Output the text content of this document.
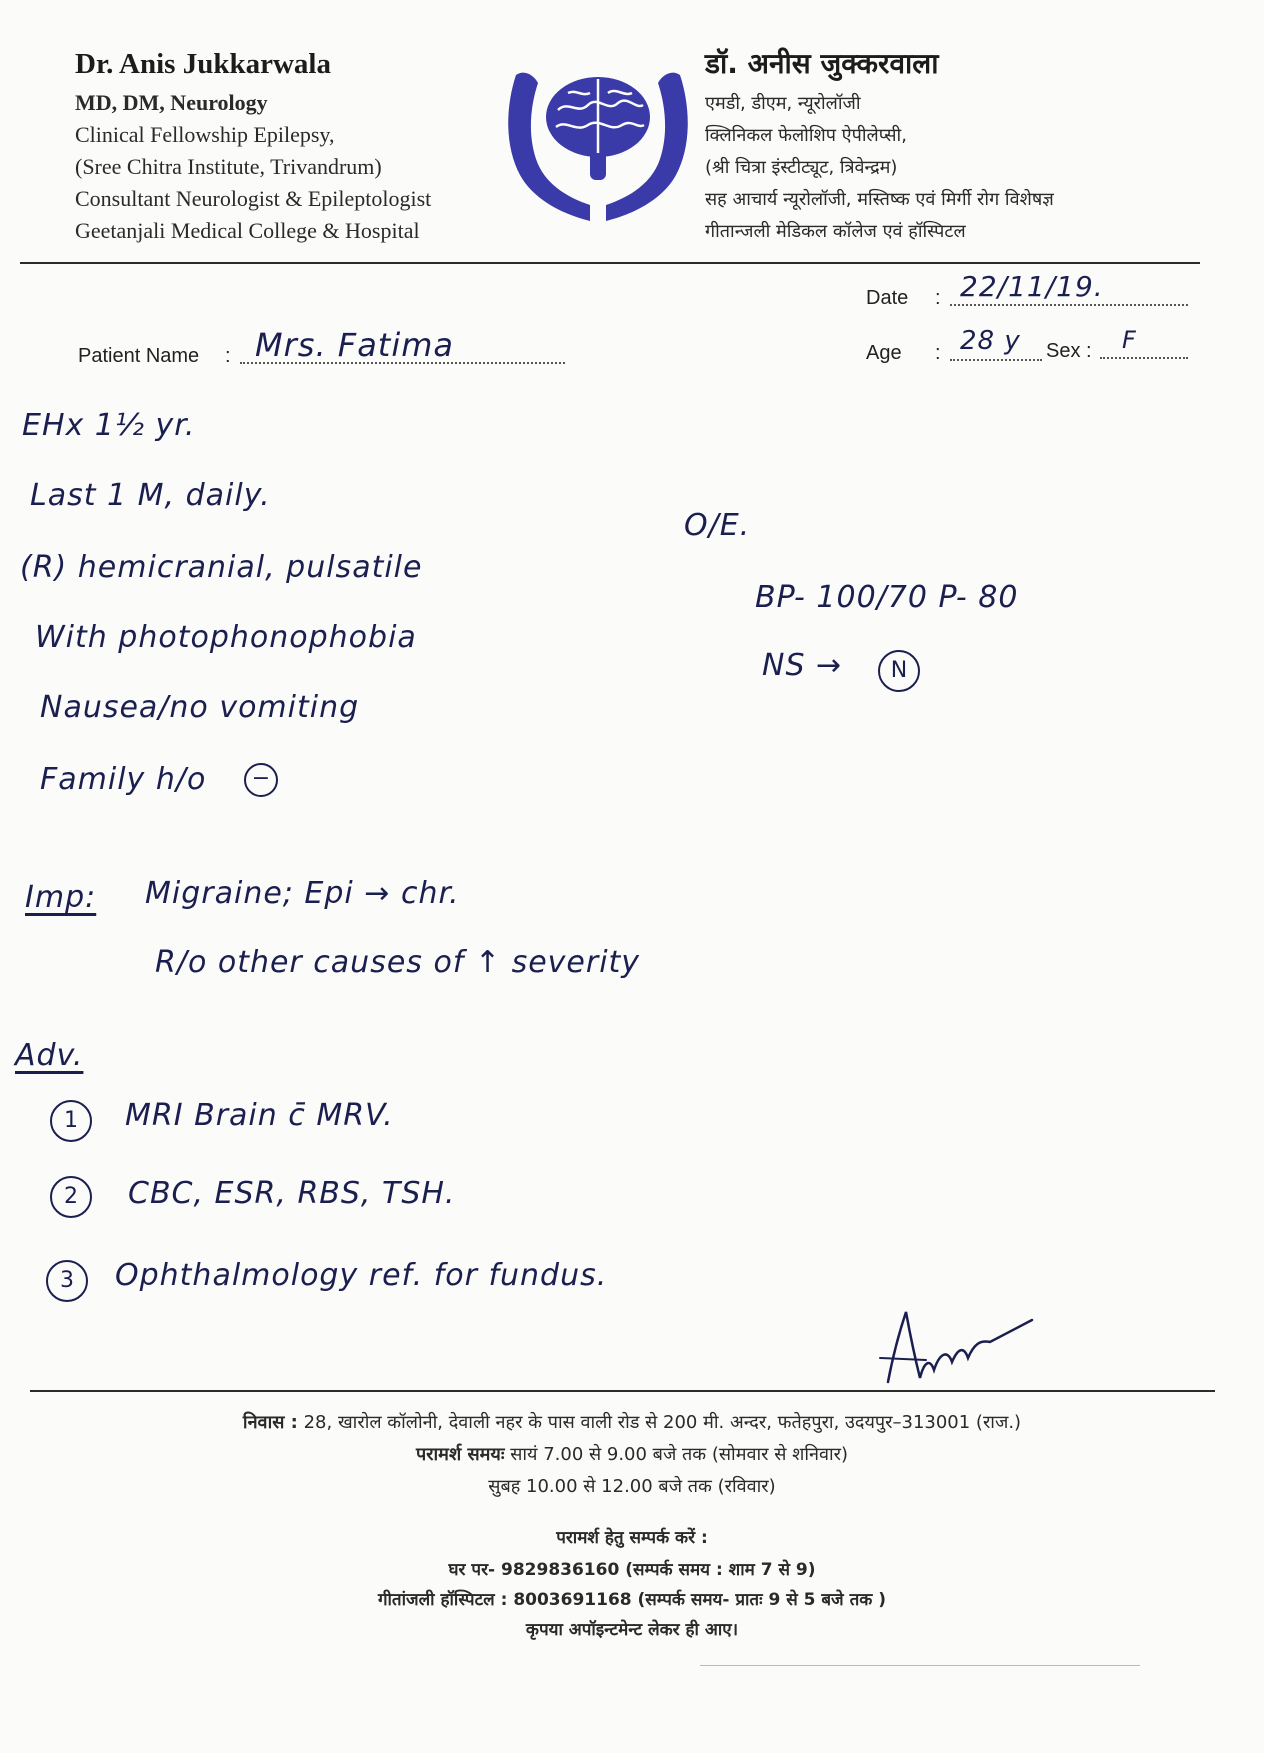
Dr. Anis Jukkarwala
MD, DM, Neurology
Clinical Fellowship Epilepsy,
(Sree Chitra Institute, Trivandrum)
Consultant Neurologist & Epileptologist
Geetanjali Medical College & Hospital
डॉ. अनीस जुक्करवाला
एमडी, डीएम, न्यूरोलॉजी
क्लिनिकल फेलोशिप ऐपीलेप्सी,
(श्री चित्रा इंस्टीट्यूट, त्रिवेन्द्रम)
सह आचार्य न्यूरोलॉजी, मस्तिष्क एवं मिर्गी रोग विशेषज्ञ
गीतान्जली मेडिकल कॉलेज एवं हॉस्पिटल
Date : 22/11/19.
Patient Name : Mrs. Fatima	Age : 28 y Sex : F
EHx 1½ yr.
Last 1 M, daily.
(R) hemicranial, pulsatile
With photophonophobia
Nausea/no vomiting
Family h/o	−
O/E.
BP- 100/70 P- 80
NS →	N
Imp: Migraine; Epi → chr.
R/o other causes of ↑ severity
Adv.
1	MRI Brain c̄ MRV.
2	CBC, ESR, RBS, TSH.
3	Ophthalmology ref. for fundus.
निवास : 28, खारोल कॉलोनी, देवाली नहर के पास वाली रोड से 200 मी. अन्दर, फतेहपुरा, उदयपुर–313001 (राज.)
परामर्श समयः सायं 7.00 से 9.00 बजे तक (सोमवार से शनिवार)
सुबह 10.00 से 12.00 बजे तक (रविवार)
परामर्श हेतु सम्पर्क करें :
घर पर- 9829836160 (सम्पर्क समय : शाम 7 से 9)
गीतांजली हॉस्पिटल : 8003691168 (सम्पर्क समय- प्रातः 9 से 5 बजे तक )
कृपया अपॉइन्टमेन्ट लेकर ही आए।
